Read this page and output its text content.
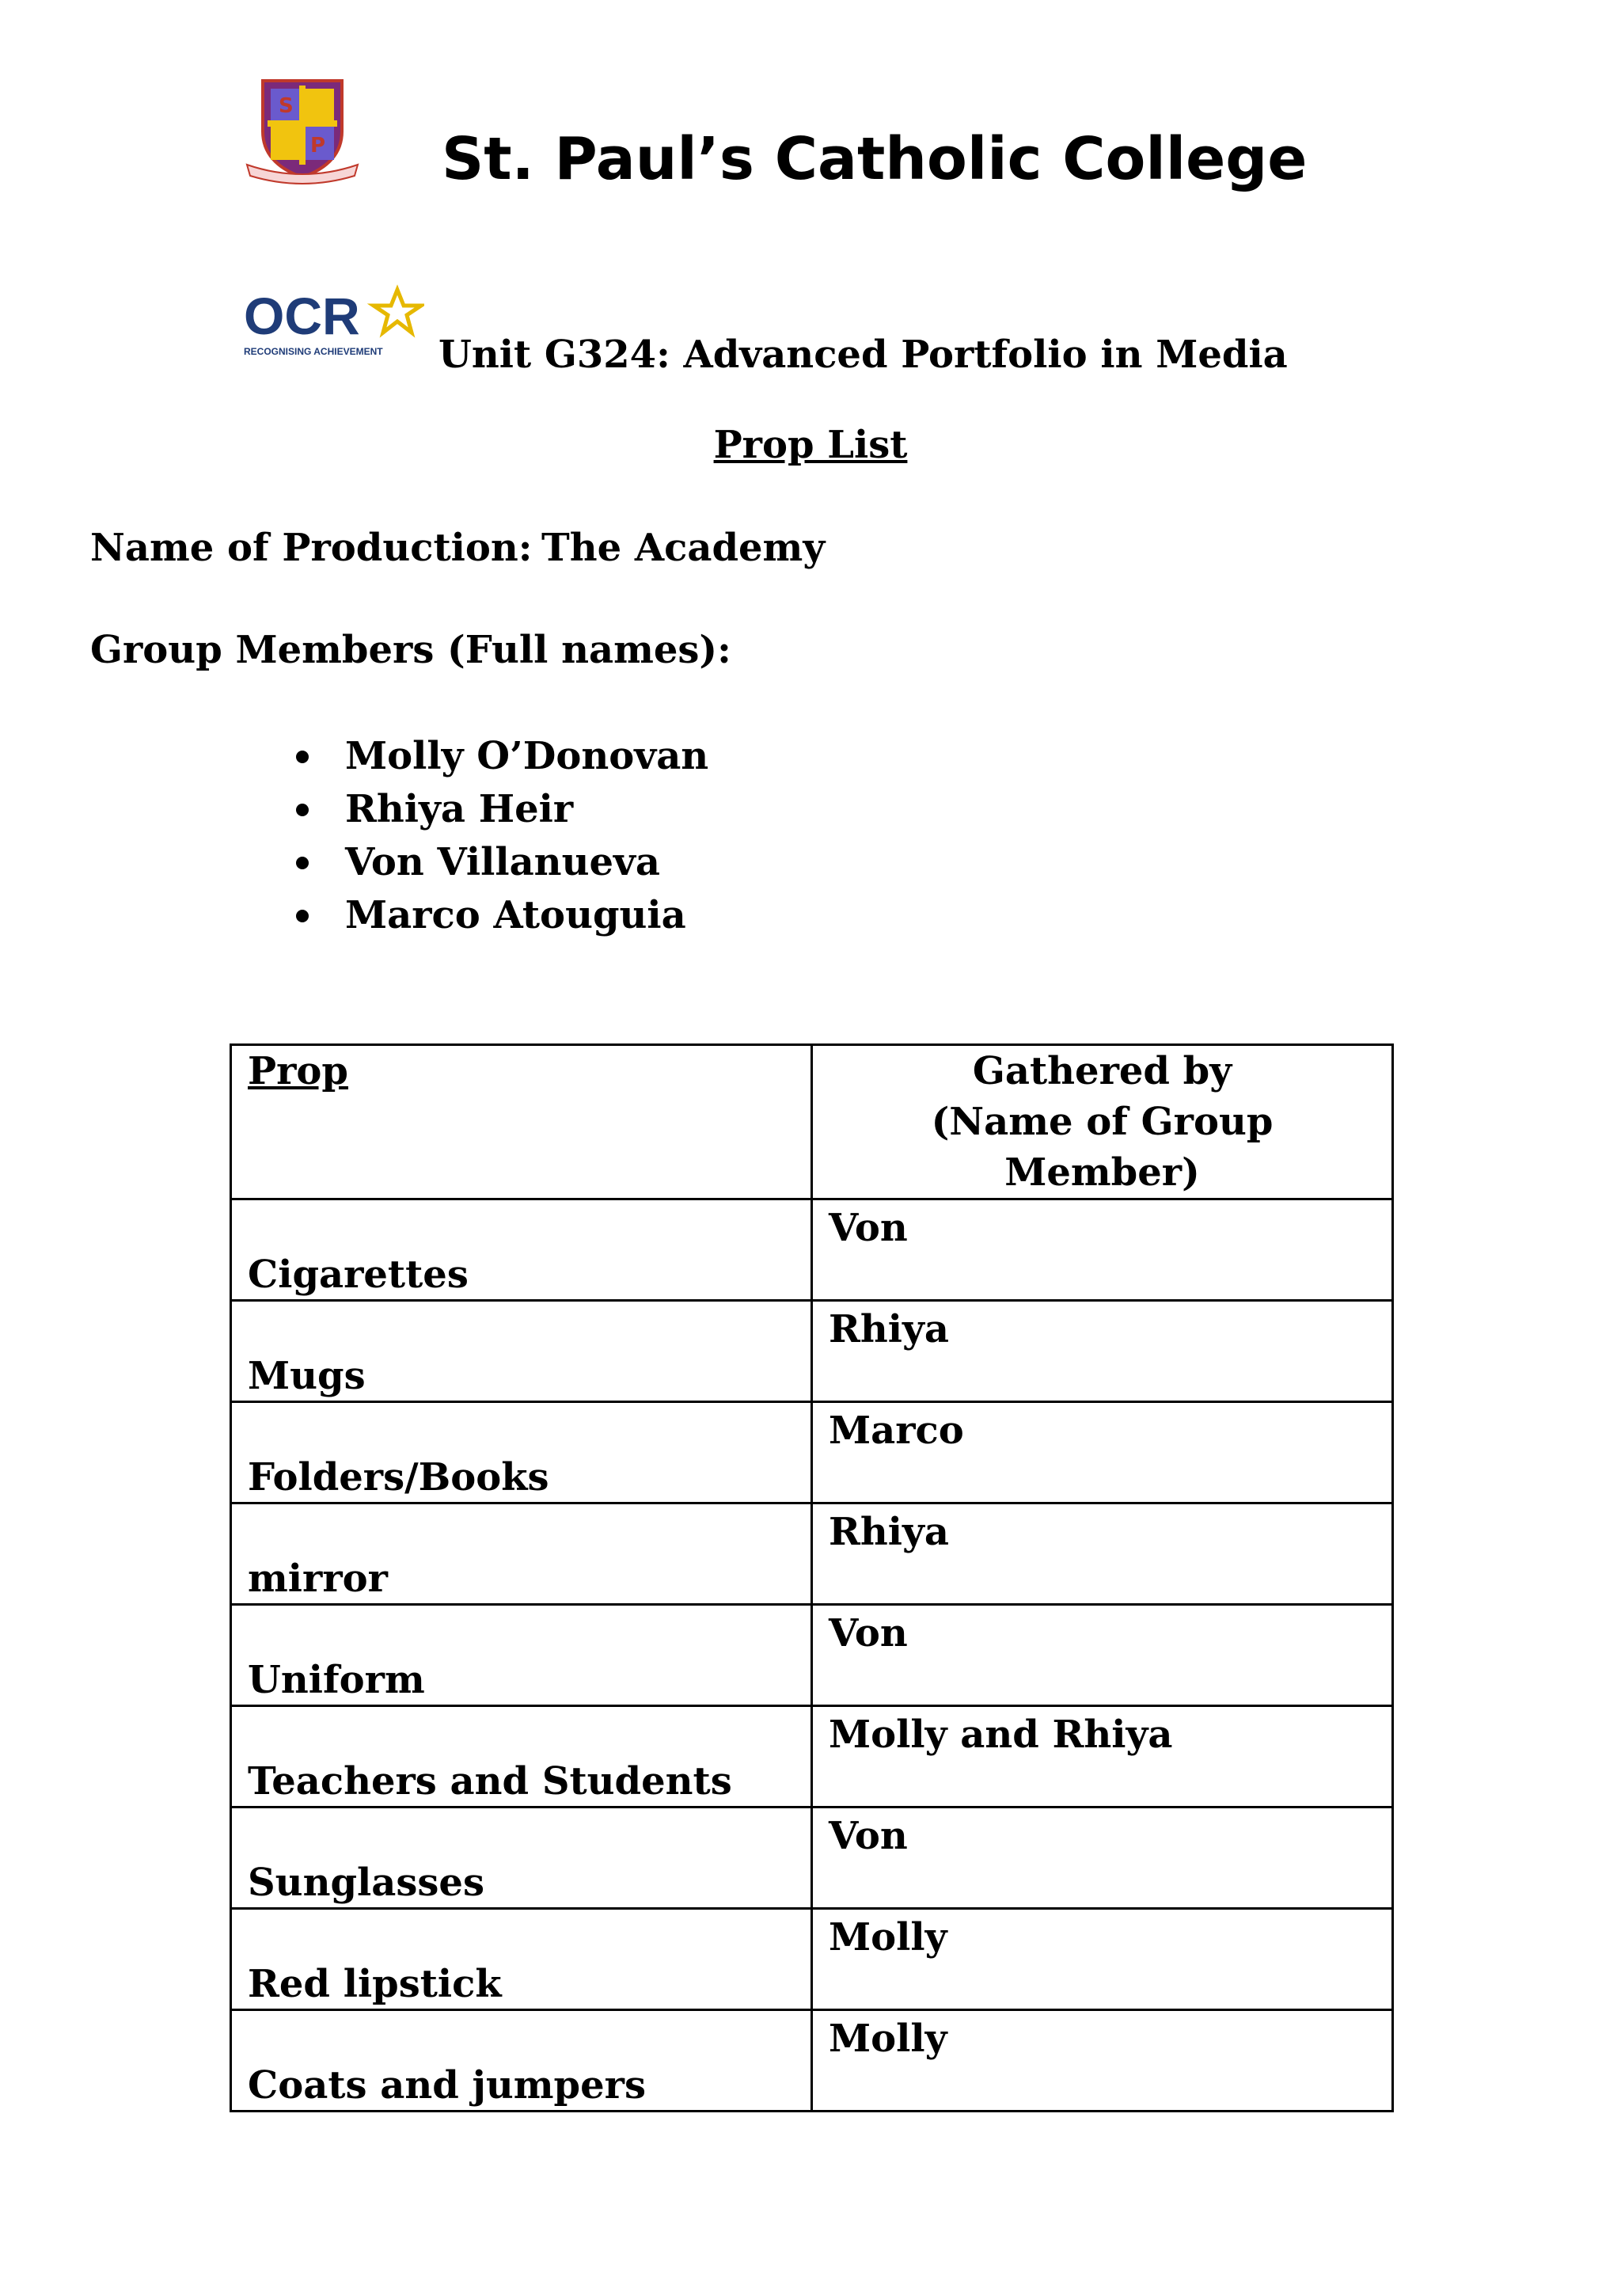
S
P St. Paul’s Catholic College
OCR
RECOGNISING ACHIEVEMENT Unit G324: Advanced Portfolio in Media
Prop List
Name of Production: The Academy
Group Members (Full names):
Molly O’Donovan
Rhiya Heir
Von Villanueva
Marco Atouguia
Prop	Gathered by
(Name of Group Member)

Cigarettes	Von

Mugs	Rhiya

Folders/Books	Marco

mirror	Rhiya

Uniform	Von

Teachers and Students	Molly and Rhiya

Sunglasses	Von

Red lipstick	Molly

Coats and jumpers	Molly
